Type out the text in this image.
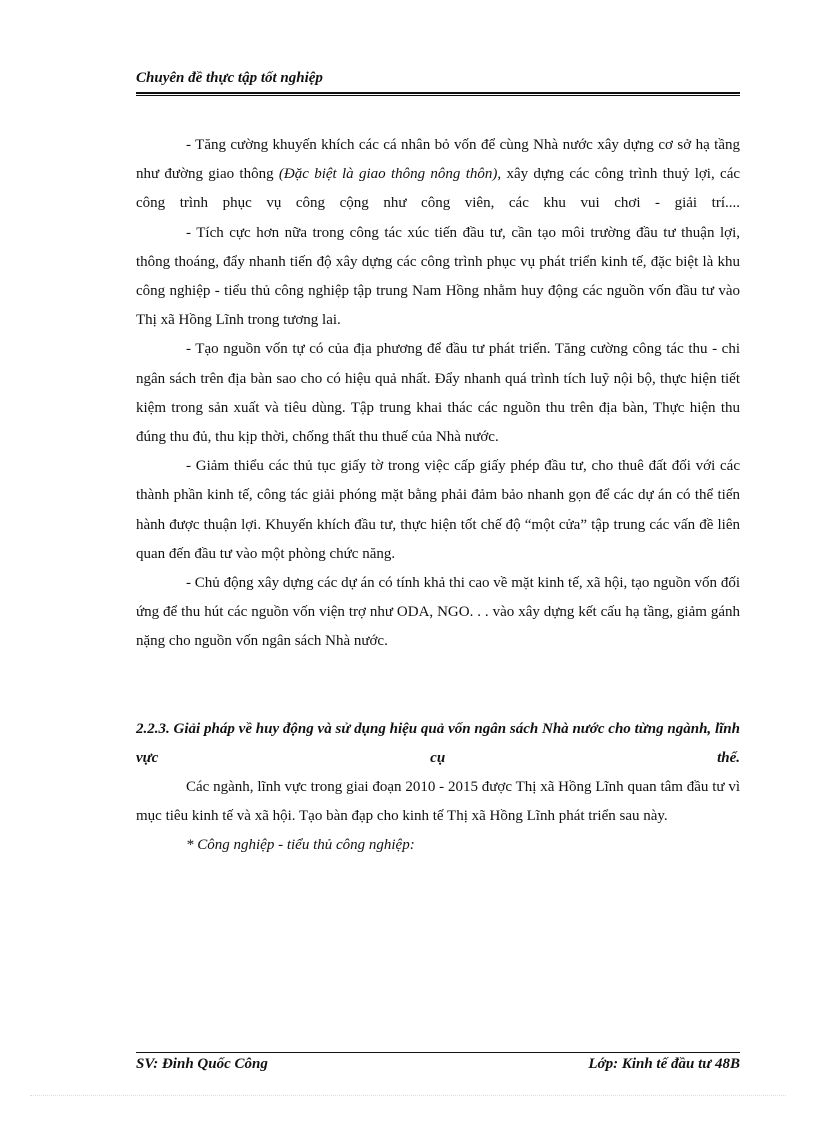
Chuyên đề thực tập tốt nghiệp

- Tăng cường khuyến khích các cá nhân bỏ vốn để cùng Nhà nước xây dựng cơ sở hạ tầng như đường giao thông (Đặc biệt là giao thông nông thôn), xây dựng các công trình thuỷ lợi, các công trình phục vụ công cộng như công viên, các khu vui chơi - giải trí....

- Tích cực hơn nữa trong công tác xúc tiến đầu tư, cần tạo môi trường đầu tư thuận lợi, thông thoáng, đẩy nhanh tiến độ xây dựng các công trình phục vụ phát triển kinh tế, đặc biệt là khu công nghiệp - tiểu thủ công nghiệp tập trung Nam Hồng nhằm huy động các nguồn vốn đầu tư vào Thị xã Hồng Lĩnh trong tương lai.

- Tạo nguồn vốn tự có của địa phương để đầu tư phát triển. Tăng cường công tác thu - chi ngân sách trên địa bàn sao cho có hiệu quả nhất. Đẩy nhanh quá trình tích luỹ nội bộ, thực hiện tiết kiệm trong sản xuất và tiêu dùng. Tập trung khai thác các nguồn thu trên địa bàn, Thực hiện thu đúng thu đủ, thu kịp thời, chống thất thu thuế của Nhà nước.

- Giảm thiểu các thủ tục giấy tờ trong việc cấp giấy phép đầu tư, cho thuê đất đối với các thành phần kinh tế, công tác giải phóng mặt bằng phải đảm bảo nhanh gọn để các dự án có thể tiến hành được thuận lợi. Khuyến khích đầu tư, thực hiện tốt chế độ “một cửa” tập trung các vấn đề liên quan đến đầu tư vào một phòng chức năng.

- Chủ động xây dựng các dự án có tính khả thi cao về mặt kinh tế, xã hội, tạo nguồn vốn đối ứng để thu hút các nguồn vốn viện trợ như ODA, NGO. . . vào xây dựng kết cấu hạ tầng, giảm gánh nặng cho nguồn vốn ngân sách Nhà nước.

2.2.3. Giải pháp về huy động và sử dụng hiệu quả vốn ngân sách Nhà nước cho từng ngành, lĩnh vực cụ thể.

Các ngành, lĩnh vực trong giai đoạn 2010 - 2015 được Thị xã Hồng Lĩnh quan tâm đầu tư vì mục tiêu kinh tế và xã hội. Tạo bàn đạp cho kinh tế Thị xã Hồng Lĩnh phát triển sau này.

* Công nghiệp - tiểu thủ công nghiệp:

SV: Đinh Quốc Công	Lớp: Kinh tế đầu tư 48B
